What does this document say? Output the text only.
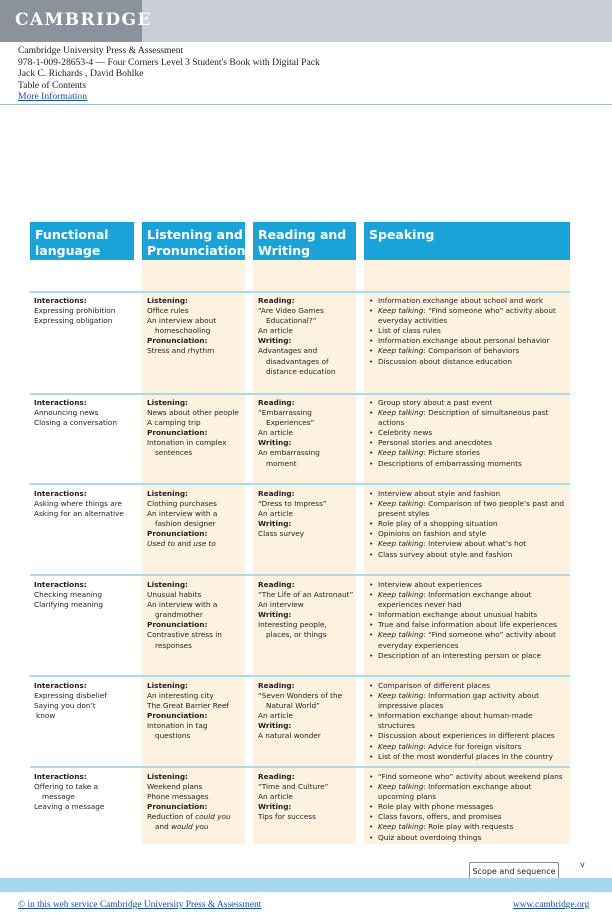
CAMBRIDGE
Cambridge University Press & Assessment
978-1-009-28653-4 — Four Corners Level 3 Student's Book with Digital Pack
Jack C. Richards , David Bohlke
Table of Contents
More Information
Functional language
Listening and Pronunciation
Reading and Writing
Speaking
Interactions:
Expressing prohibition
Expressing obligation
Listening:
Office rules
An interview about
homeschooling
Pronunciation:
Stress and rhythm
Reading:
“Are Video Games
Educational?”
An article
Writing:
Advantages and
disadvantages of
distance education
• Information exchange about school and work
• Keep talking: “Find someone who” activity about
everyday activities
• List of class rules
• Information exchange about personal behavior
• Keep talking: Comparison of behaviors
• Discussion about distance education
Interactions:
Announcing news
Closing a conversation
Listening:
News about other people
A camping trip
Pronunciation:
Intonation in complex
sentences
Reading:
“Embarrassing
Experiences”
An article
Writing:
An embarrassing
moment
• Group story about a past event
• Keep talking: Description of simultaneous past
actions
• Celebrity news
• Personal stories and anecdotes
• Keep talking: Picture stories
• Descriptions of embarrassing moments
Interactions:
Asking where things are
Asking for an alternative
Listening:
Clothing purchases
An interview with a
fashion designer
Pronunciation:
Used to and use to
Reading:
“Dress to Impress”
An article
Writing:
Class survey
• Interview about style and fashion
• Keep talking: Comparison of two people’s past and
present styles
• Role play of a shopping situation
• Opinions on fashion and style
• Keep talking: Interview about what’s hot
• Class survey about style and fashion
Interactions:
Checking meaning
Clarifying meaning
Listening:
Unusual habits
An interview with a
grandmother
Pronunciation:
Contrastive stress in
responses
Reading:
“The Life of an Astronaut”
An interview
Writing:
Interesting people,
places, or things
• Interview about experiences
• Keep talking: Information exchange about
experiences never had
• Information exchange about unusual habits
• True and false information about life experiences
• Keep talking: “Find someone who” activity about
everyday experiences
• Description of an interesting person or place
Interactions:
Expressing disbelief
Saying you don’t
know
Listening:
An interesting city
The Great Barrier Reef
Pronunciation:
Intonation in tag
questions
Reading:
“Seven Wonders of the
Natural World”
An article
Writing:
A natural wonder
• Comparison of different places
• Keep talking: Information gap activity about
impressive places
• Information exchange about human-made structures
• Discussion about experiences in different places
• Keep talking: Advice for foreign visitors
• List of the most wonderful places in the country
Interactions:
Offering to take a
message
Leaving a message
Listening:
Weekend plans
Phone messages
Pronunciation:
Reduction of could you
and would you
Reading:
“Time and Culture”
An article
Writing:
Tips for success
• “Find someone who” activity about weekend plans
• Keep talking: Information exchange about
upcoming plans
• Role play with phone messages
• Class favors, offers, and promises
• Keep talking: Role play with requests
• Quiz about overdoing things
Scope and sequence
v
© in this web service Cambridge University Press & Assessment	www.cambridge.org
